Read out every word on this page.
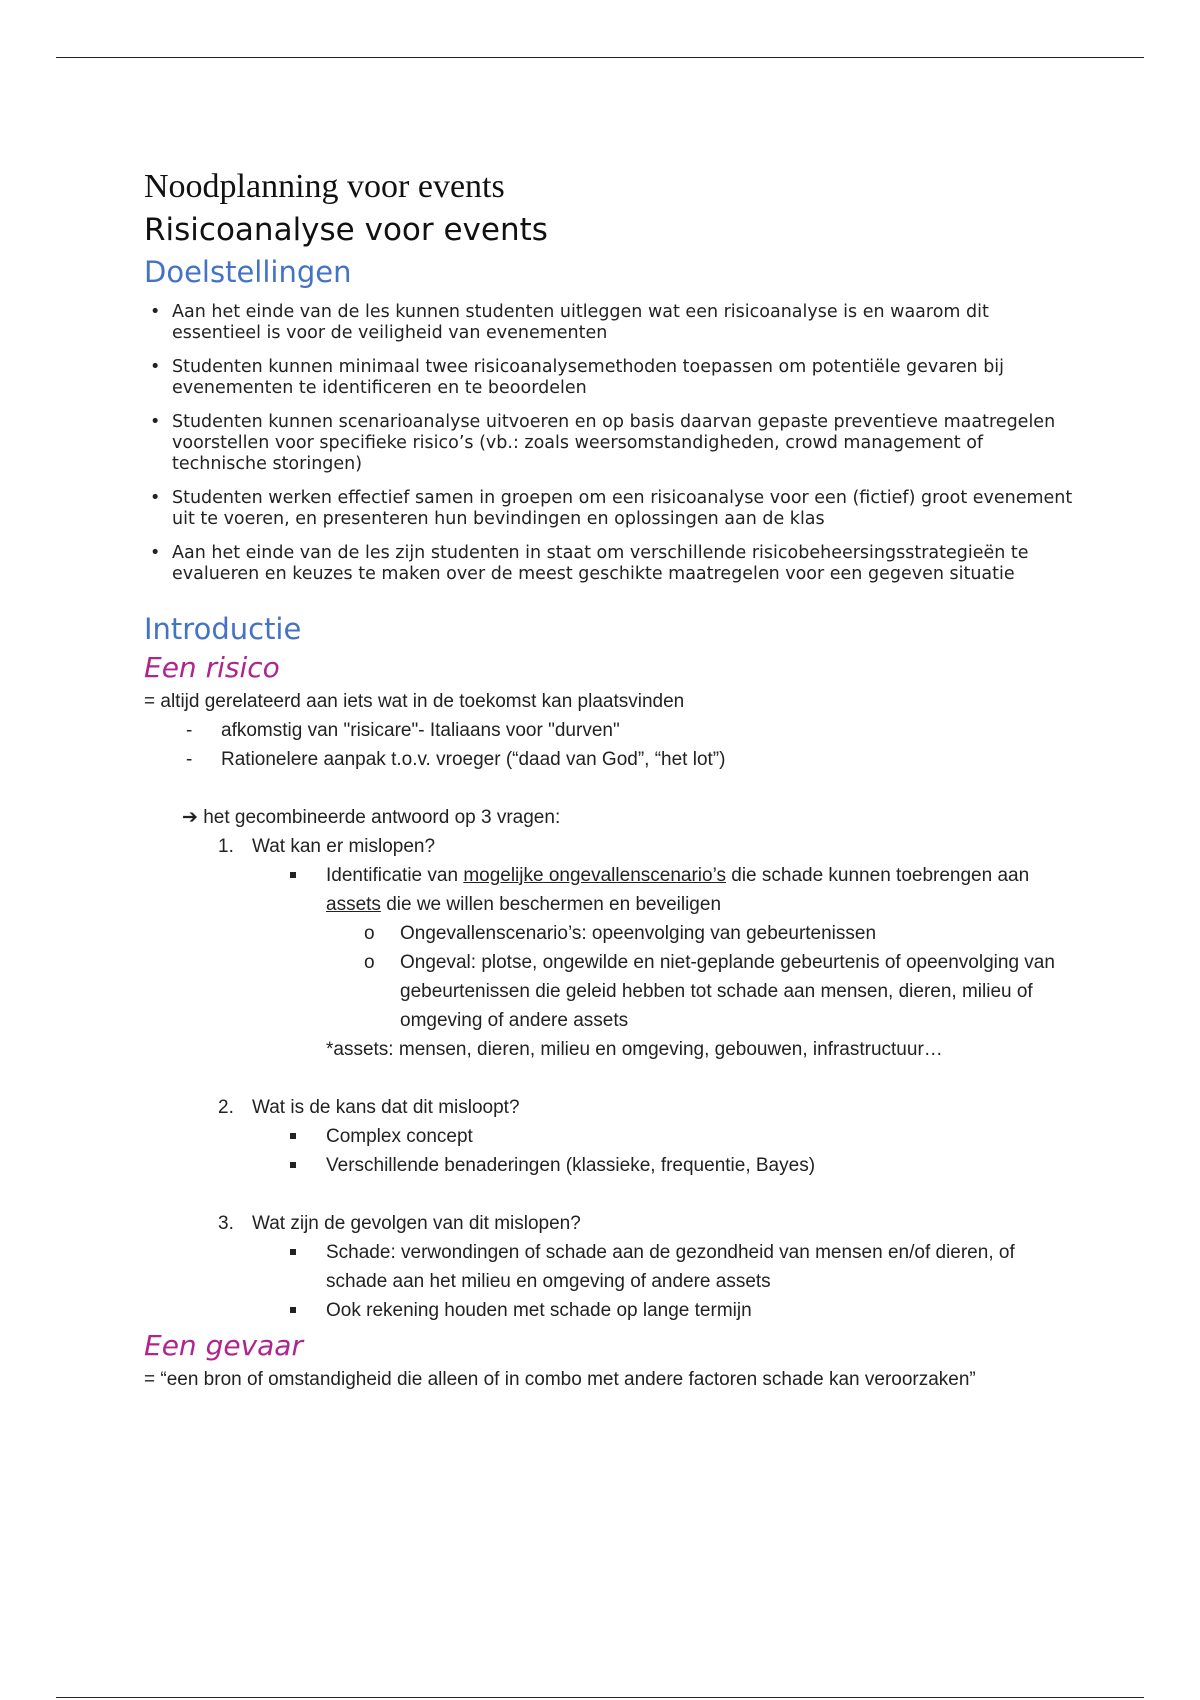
Noodplanning voor events
Risicoanalyse voor events
Doelstellingen
• Aan het einde van de les kunnen studenten uitleggen wat een risicoanalyse is en waarom dit essentieel is voor de veiligheid van evenementen
• Studenten kunnen minimaal twee risicoanalysemethoden toepassen om potentiële gevaren bij evenementen te identificeren en te beoordelen
• Studenten kunnen scenarioanalyse uitvoeren en op basis daarvan gepaste preventieve maatregelen voorstellen voor specifieke risico’s (vb.: zoals weersomstandigheden, crowd management of technische storingen)
• Studenten werken effectief samen in groepen om een risicoanalyse voor een (fictief) groot evenement uit te voeren, en presenteren hun bevindingen en oplossingen aan de klas
• Aan het einde van de les zijn studenten in staat om verschillende risicobeheersingsstrategieën te evalueren en keuzes te maken over de meest geschikte maatregelen voor een gegeven situatie
Introductie
Een risico
= altijd gerelateerd aan iets wat in de toekomst kan plaatsvinden
- afkomstig van "risicare"- Italiaans voor "durven"
- Rationelere aanpak t.o.v. vroeger (“daad van God”, “het lot”)
➔ het gecombineerde antwoord op 3 vragen:
1. Wat kan er mislopen?
Identificatie van mogelijke ongevallenscenario’s die schade kunnen toebrengen aan assets die we willen beschermen en beveiligen
o Ongevallenscenario’s: opeenvolging van gebeurtenissen
o Ongeval: plotse, ongewilde en niet-geplande gebeurtenis of opeenvolging van gebeurtenissen die geleid hebben tot schade aan mensen, dieren, milieu of omgeving of andere assets
*assets: mensen, dieren, milieu en omgeving, gebouwen, infrastructuur…
2. Wat is de kans dat dit misloopt?
Complex concept
Verschillende benaderingen (klassieke, frequentie, Bayes)
3. Wat zijn de gevolgen van dit mislopen?
Schade: verwondingen of schade aan de gezondheid van mensen en/of dieren, of schade aan het milieu en omgeving of andere assets
Ook rekening houden met schade op lange termijn
Een gevaar
= “een bron of omstandigheid die alleen of in combo met andere factoren schade kan veroorzaken”
